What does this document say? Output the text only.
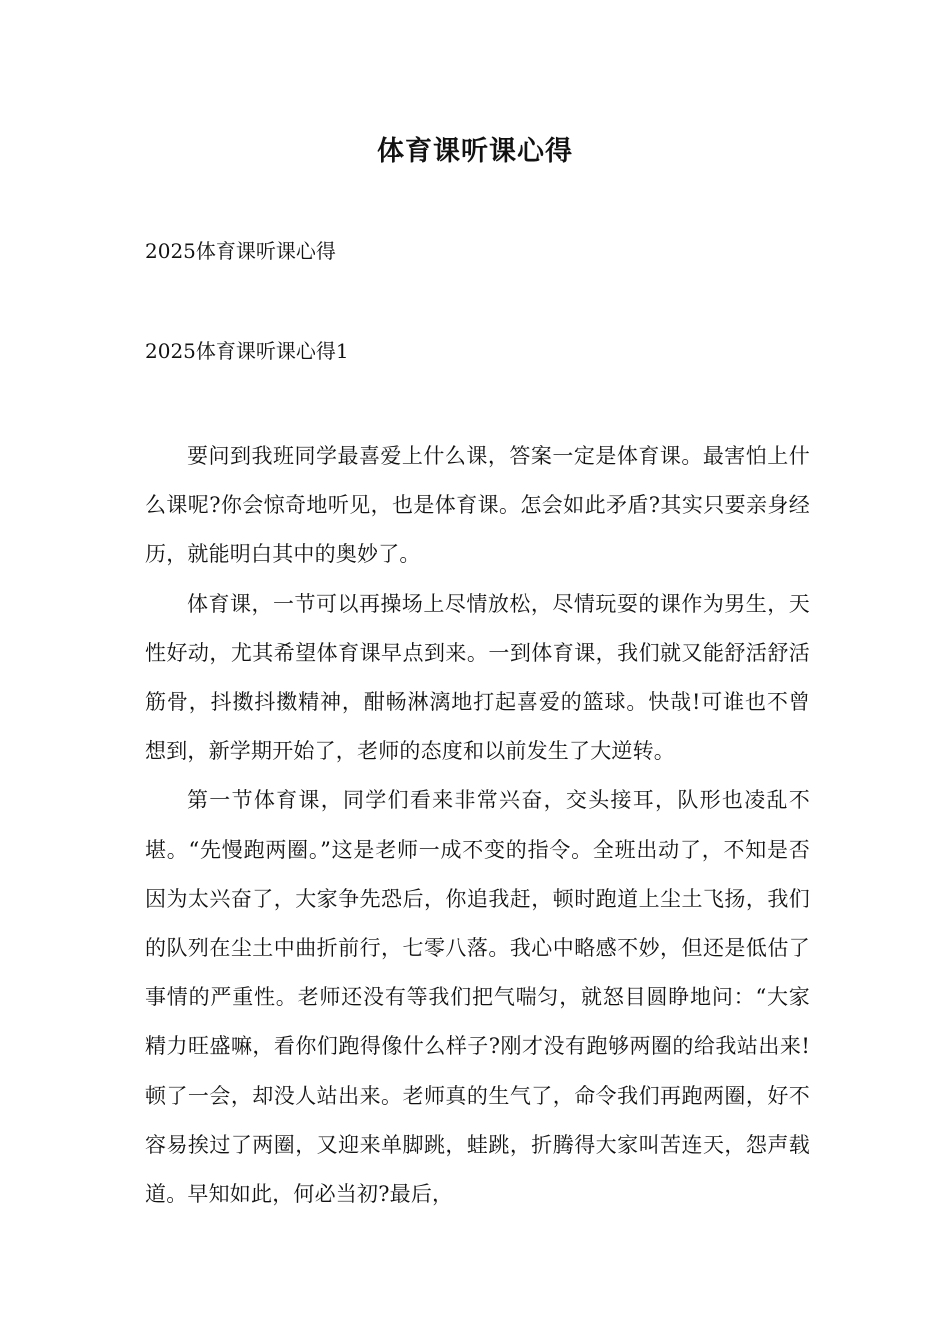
体育课听课心得
2025体育课听课心得
2025体育课听课心得1

要问到我班同学最喜爱上什么课，答案一定是体育课。最害怕上什么课呢?你会惊奇地听见，也是体育课。怎会如此矛盾?其实只要亲身经历，就能明白其中的奥妙了。

体育课，一节可以再操场上尽情放松，尽情玩耍的课作为男生，天性好动，尤其希望体育课早点到来。一到体育课，我们就又能舒活舒活筋骨，抖擞抖擞精神，酣畅淋漓地打起喜爱的篮球。快哉!可谁也不曾想到，新学期开始了，老师的态度和以前发生了大逆转。

第一节体育课，同学们看来非常兴奋，交头接耳，队形也凌乱不堪。“先慢跑两圈。”这是老师一成不变的指令。全班出动了，不知是否因为太兴奋了，大家争先恐后，你追我赶，顿时跑道上尘土飞扬，我们的队列在尘土中曲折前行，七零八落。我心中略感不妙，但还是低估了事情的严重性。老师还没有等我们把气喘匀，就怒目圆睁地问：“大家精力旺盛嘛，看你们跑得像什么样子?刚才没有跑够两圈的给我站出来!顿了一会，却没人站出来。老师真的生气了，命令我们再跑两圈，好不容易挨过了两圈，又迎来单脚跳，蛙跳，折腾得大家叫苦连天，怨声载道。早知如此，何必当初?最后，
